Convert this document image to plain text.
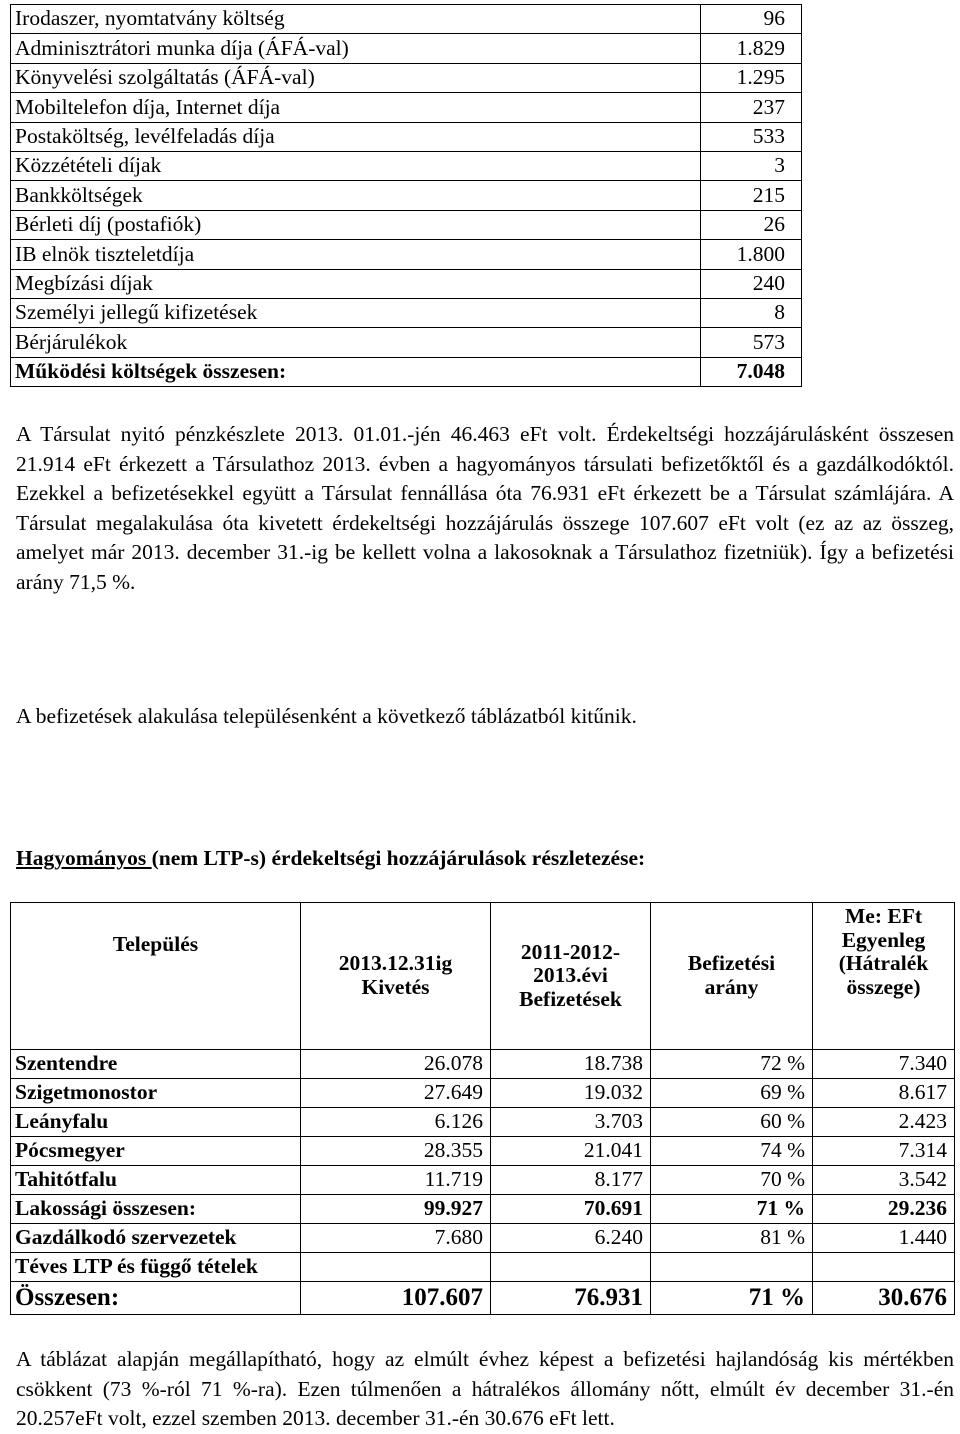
Irodaszer, nyomtatvány költség	96
Adminisztrátori munka díja (ÁFÁ-val)	1.829
Könyvelési szolgáltatás (ÁFÁ-val)	1.295
Mobiltelefon díja, Internet díja	237
Postaköltség, levélfeladás díja	533
Közzétételi díjak	3
Bankköltségek	215
Bérleti díj (postafiók)	26
IB elnök tiszteletdíja	1.800
Megbízási díjak	240
Személyi jellegű kifizetések	8
Bérjárulékok	573
Működési költségek összesen:	7.048

A Társulat nyitó pénzkészlete 2013. 01.01.-jén 46.463 eFt volt. Érdekeltségi hozzájárulásként összesen 21.914 eFt érkezett a Társulathoz 2013. évben a hagyományos társulati befizetőktől és a gazdálkodóktól. Ezekkel a befizetésekkel együtt a Társulat fennállása óta 76.931 eFt érkezett be a Társulat számlájára. A Társulat megalakulása óta kivetett érdekeltségi hozzájárulás összege 107.607 eFt volt (ez az az összeg, amelyet már 2013. december 31.-ig be kellett volna a lakosoknak a Társulathoz fizetniük). Így a befizetési arány 71,5 %.

A befizetések alakulása településenként a következő táblázatból kitűnik.

Hagyományos (nem LTP-s) érdekeltségi hozzájárulások részletezése:
Település	2013.12.31ig Kivetés	2011-2012-2013.évi Befizetések	Befizetési arány	Me: EFt
Egyenleg (Hátralék összege)
Szentendre	26.078	18.738	72 %	7.340
Szigetmonostor	27.649	19.032	69 %	8.617
Leányfalu	6.126	3.703	60 %	2.423
Pócsmegyer	28.355	21.041	74 %	7.314
Tahitótfalu	11.719	8.177	70 %	3.542
Lakossági összesen:	99.927	70.691	71 %	29.236
Gazdálkodó szervezetek	7.680	6.240	81 %	1.440
Téves LTP és függő tételek				
Összesen:	107.607	76.931	71 %	30.676

A táblázat alapján megállapítható, hogy az elmúlt évhez képest a befizetési hajlandóság kis mértékben csökkent (73 %-ról 71 %-ra). Ezen túlmenően a hátralékos állomány nőtt, elmúlt év december 31.-én 20.257eFt volt, ezzel szemben 2013. december 31.-én 30.676 eFt lett.
